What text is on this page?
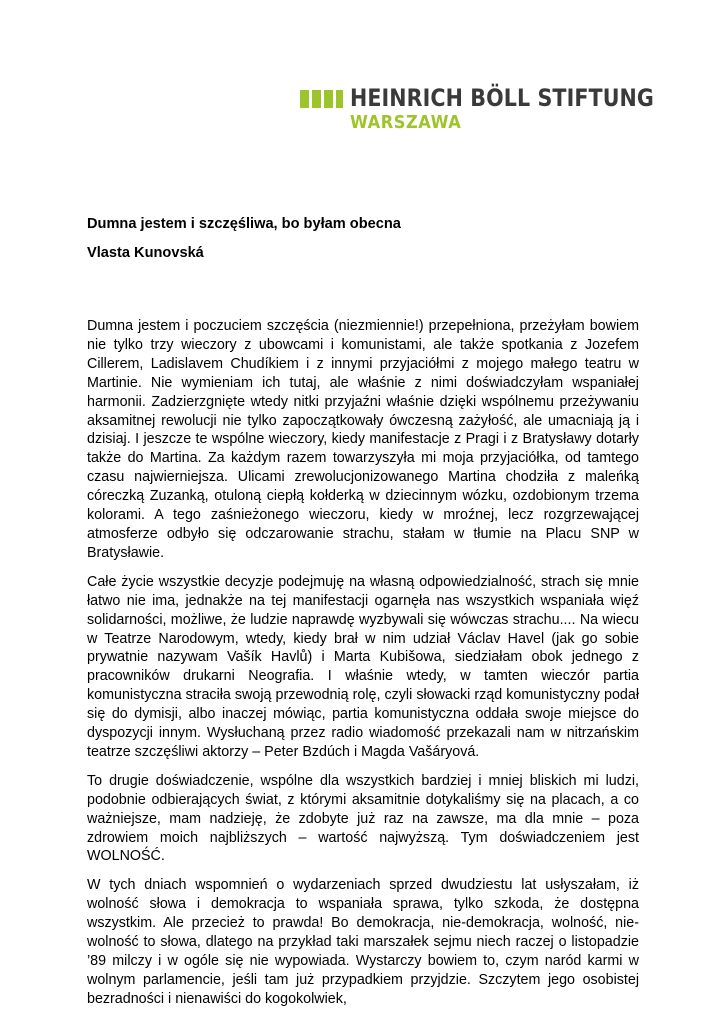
HEINRICH BÖLL STIFTUNG
WARSZAWA
Dumna jestem i szczęśliwa, bo byłam obecna
Vlasta Kunovská

Dumna jestem i poczuciem szczęścia (niezmiennie!) przepełniona, przeżyłam bowiem nie tylko trzy wieczory z ubowcami i komunistami, ale także spotkania z Jozefem Cillerem, Ladislavem Chudíkiem i z innymi przyjaciółmi z mojego małego teatru w Martinie. Nie wymieniam ich tutaj, ale właśnie z nimi doświadczyłam wspaniałej harmonii. Zadzierzgnięte wtedy nitki przyjaźni właśnie dzięki wspólnemu przeżywaniu aksamitnej rewolucji nie tylko zapoczątkowały ówczesną zażyłość, ale umacniają ją i dzisiaj. I jeszcze te wspólne wieczory, kiedy manifestacje z Pragi i z Bratysławy dotarły także do Martina. Za każdym razem towarzyszyła mi moja przyjaciółka, od tamtego czasu najwierniejsza. Ulicami zrewolucjonizowanego Martina chodziła z maleńką córeczką Zuzanką, otuloną ciepłą kołderką w dziecinnym wózku, ozdobionym trzema kolorami. A tego zaśnieżonego wieczoru, kiedy w mroźnej, lecz rozgrzewającej atmosferze odbyło się odczarowanie strachu, stałam w tłumie na Placu SNP w Bratysławie.

Całe życie wszystkie decyzje podejmuję na własną odpowiedzialność, strach się mnie łatwo nie ima, jednakże na tej manifestacji ogarnęła nas wszystkich wspaniała więź solidarności, możliwe, że ludzie naprawdę wyzbywali się wówczas strachu.... Na wiecu w Teatrze Narodowym, wtedy, kiedy brał w nim udział Václav Havel (jak go sobie prywatnie nazywam Vašík Havlů) i Marta Kubišowa, siedziałam obok jednego z pracowników drukarni Neografia. I właśnie wtedy, w tamten wieczór partia komunistyczna straciła swoją przewodnią rolę, czyli słowacki rząd komunistyczny podał się do dymisji, albo inaczej mówiąc, partia komunistyczna oddała swoje miejsce do dyspozycji innym. Wysłuchaną przez radio wiadomość przekazali nam w nitrzańskim teatrze szczęśliwi aktorzy – Peter Bzdúch i Magda Vašáryová.

To drugie doświadczenie, wspólne dla wszystkich bardziej i mniej bliskich mi ludzi, podobnie odbierających świat, z którymi aksamitnie dotykaliśmy się na placach, a co ważniejsze, mam nadzieję, że zdobyte już raz na zawsze, ma dla mnie – poza zdrowiem moich najbliższych – wartość najwyższą. Tym doświadczeniem jest WOLNOŚĆ.

W tych dniach wspomnień o wydarzeniach sprzed dwudziestu lat usłyszałam, iż wolność słowa i demokracja to wspaniała sprawa, tylko szkoda, że dostępna wszystkim. Ale przecież to prawda! Bo demokracja, nie-demokracja, wolność, nie-wolność to słowa, dlatego na przykład taki marszałek sejmu niech raczej o listopadzie ’89 milczy i w ogóle się nie wypowiada. Wystarczy bowiem to, czym naród karmi w wolnym parlamencie, jeśli tam już przypadkiem przyjdzie. Szczytem jego osobistej bezradności i nienawiści do kogokolwiek,
